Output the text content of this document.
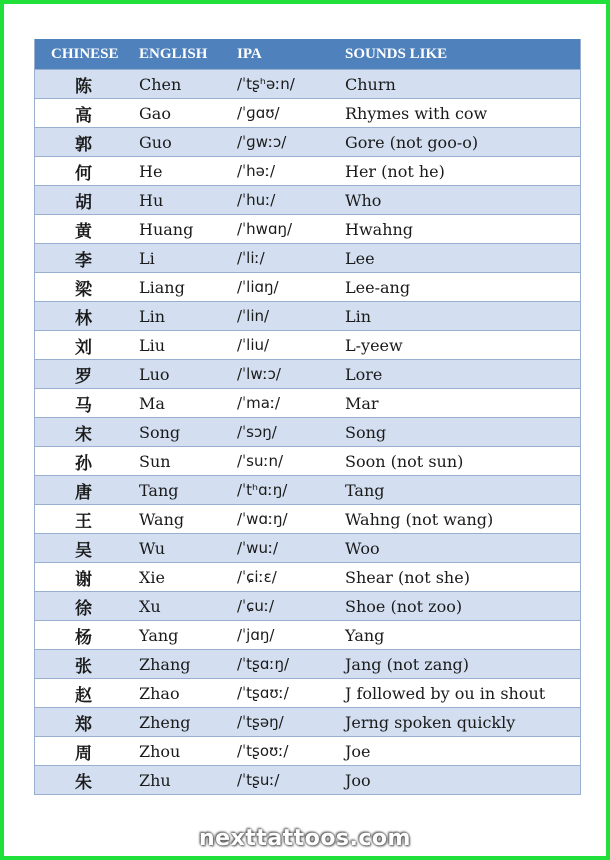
CHINESE	ENGLISH	IPA	SOUNDS LIKE
陈	Chen	/ˈtʂʰəːn/	Churn
高	Gao	/ˈɡɑʊ/	Rhymes with cow
郭	Guo	/ˈɡwːɔ/	Gore (not goo-o)
何	He	/ˈhəː/	Her (not he)
胡	Hu	/ˈhuː/	Who
黄	Huang	/ˈhwɑŋ/	Hwahng
李	Li	/ˈliː/	Lee
梁	Liang	/ˈliɑŋ/	Lee-ang
林	Lin	/ˈlin/	Lin
刘	Liu	/ˈliu/	L-yeew
罗	Luo	/ˈlwːɔ/	Lore
马	Ma	/ˈmaː/	Mar
宋	Song	/ˈsɔŋ/	Song
孙	Sun	/ˈsuːn/	Soon (not sun)
唐	Tang	/ˈtʰɑːŋ/	Tang
王	Wang	/ˈwɑːŋ/	Wahng (not wang)
吴	Wu	/ˈwuː/	Woo
谢	Xie	/ˈɕiːɛ/	Shear (not she)
徐	Xu	/ˈɕuː/	Shoe (not zoo)
杨	Yang	/ˈjɑŋ/	Yang
张	Zhang	/ˈtʂɑːŋ/	Jang (not zang)
赵	Zhao	/ˈtʂɑʊː/	J followed by ou in shout
郑	Zheng	/ˈtʂəŋ/	Jerng spoken quickly
周	Zhou	/ˈtʂoʊː/	Joe
朱	Zhu	/ˈtʂuː/	Joo
nexttattoos.com
